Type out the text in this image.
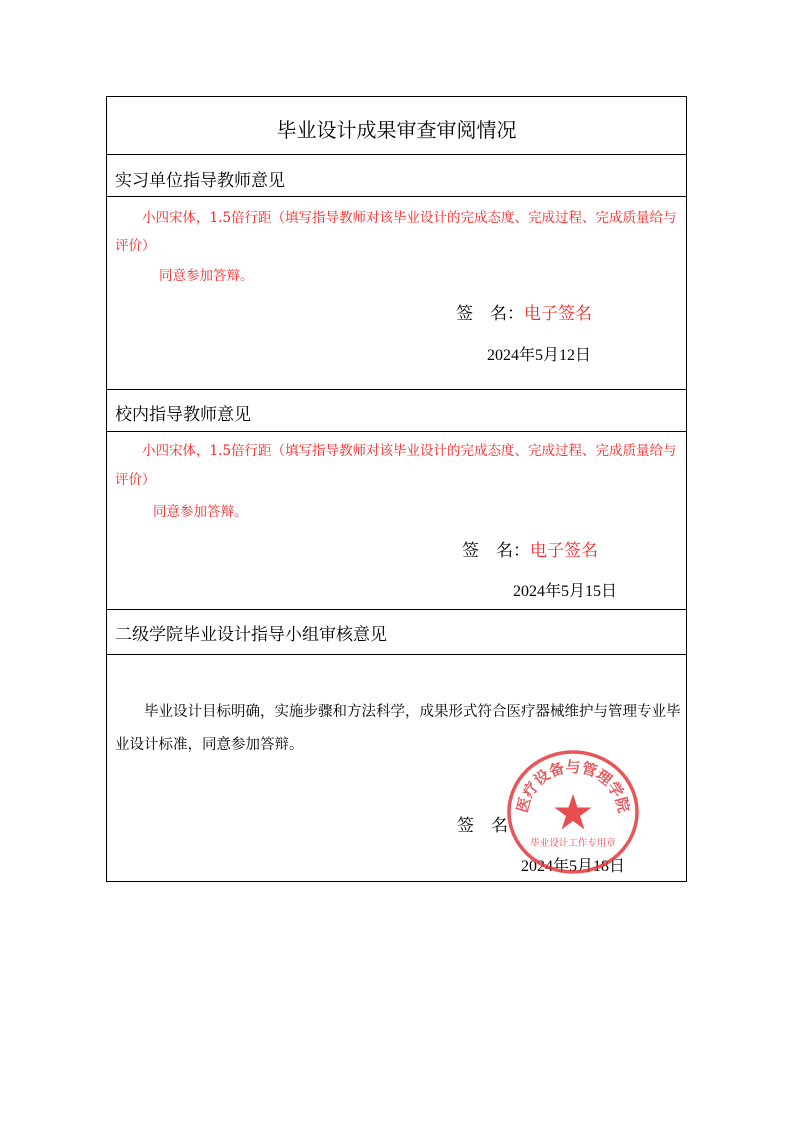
毕业设计成果审查审阅情况
实习单位指导教师意见
小四宋体，1.5倍行距（填写指导教师对该毕业设计的完成态度、完成过程、完成质量给与评价）
同意参加答辩。
签　名：电子签名
2024年5月12日
校内指导教师意见
小四宋体，1.5倍行距（填写指导教师对该毕业设计的完成态度、完成过程、完成质量给与评价）
同意参加答辩。
签　名：电子签名
2024年5月15日
二级学院毕业设计指导小组审核意见
毕业设计目标明确，实施步骤和方法科学，成果形式符合医疗器械维护与管理专业毕业设计标准，同意参加答辩。
签　名
2024年5月18日
医疗设备与管理学院
毕业设计工作专用章
